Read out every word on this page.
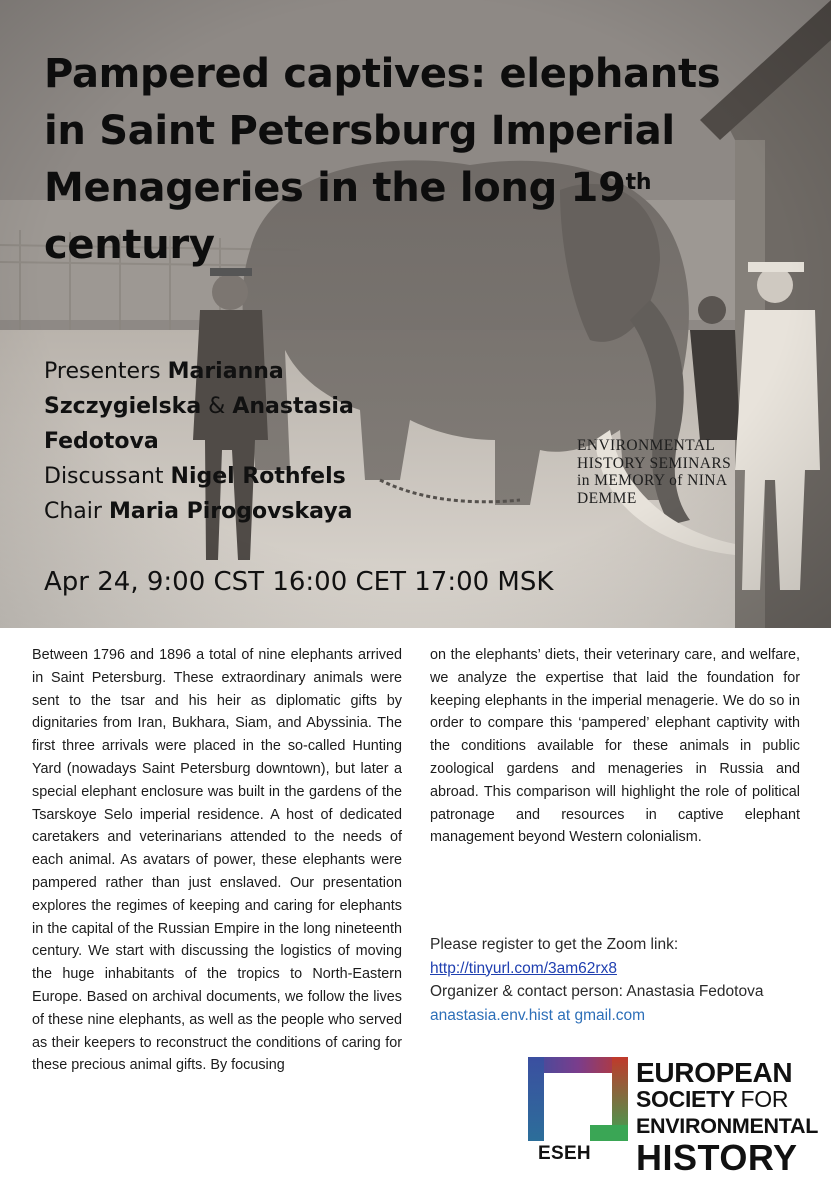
Pampered captives: elephants
in Saint Petersburg Imperial
Menageries in the long 19th
century
Presenters Marianna
Szczygielska & Anastasia
Fedotova
Discussant Nigel Rothfels
Chair Maria Pirogovskaya
ENVIRONMENTAL
HISTORY SEMINARS
in MEMORY of NINA
DEMME
Apr 24, 9:00 CST 16:00 CET 17:00 MSK

Between 1796 and 1896 a total of nine elephants arrived in Saint Petersburg. These extraordinary animals were sent to the tsar and his heir as diplomatic gifts by dignitaries from Iran, Bukhara, Siam, and Abyssinia. The first three arrivals were placed in the so-called Hunting Yard (nowadays Saint Petersburg downtown), but later a special elephant enclosure was built in the gardens of the Tsarskoye Selo imperial residence. A host of dedicated caretakers and veterinarians attended to the needs of each animal. As avatars of power, these elephants were pampered rather than just enslaved. Our presentation explores the regimes of keeping and caring for elephants in the capital of the Russian Empire in the long nineteenth century. We start with discussing the logistics of moving the huge inhabitants of the tropics to North-Eastern Europe. Based on archival documents, we follow the lives of these nine elephants, as well as the people who served as their keepers to reconstruct the conditions of caring for these precious animal gifts. By focusing

on the elephants’ diets, their veterinary care, and welfare, we analyze the expertise that laid the foundation for keeping elephants in the imperial menagerie. We do so in order to compare this ‘pampered’ elephant captivity with the conditions available for these animals in public zoological gardens and menageries in Russia and abroad. This comparison will highlight the role of political patronage and resources in captive elephant management beyond Western colonialism.

Please register to get the Zoom link:
http://tinyurl.com/3am62rx8
Organizer & contact person: Anastasia Fedotova
anastasia.env.hist at gmail.com
ESEH
EUROPEAN
SOCIETY FOR
ENVIRONMENTAL
HISTORY
